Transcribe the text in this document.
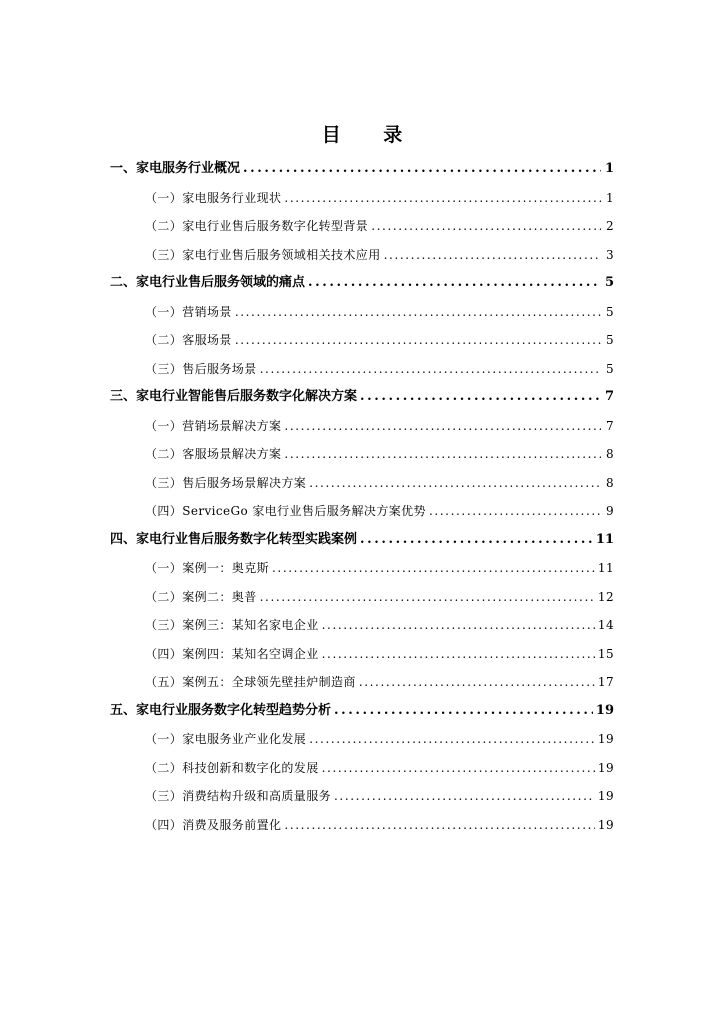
目 录
一、家电服务行业概况 .....	1
（一）家电服务行业现状 .....	1
（二）家电行业售后服务数字化转型背景 .....	2
（三）家电行业售后服务领域相关技术应用 .....	3
二、家电行业售后服务领域的痛点 .....	5
（一）营销场景 .....	5
（二）客服场景 .....	5
（三）售后服务场景 .....	5
三、家电行业智能售后服务数字化解决方案 .....	7
（一）营销场景解决方案 .....	7
（二）客服场景解决方案 .....	8
（三）售后服务场景解决方案 .....	8
（四）ServiceGo 家电行业售后服务解决方案优势 .....	9
四、家电行业售后服务数字化转型实践案例 .....	11
（一）案例一：奥克斯 .....	11
（二）案例二：奥普 .....	12
（三）案例三：某知名家电企业 .....	14
（四）案例四：某知名空调企业 .....	15
（五）案例五：全球领先壁挂炉制造商 .....	17
五、家电行业服务数字化转型趋势分析 .....	19
（一）家电服务业产业化发展 .....	19
（二）科技创新和数字化的发展 .....	19
（三）消费结构升级和高质量服务 .....	19
（四）消费及服务前置化 .....	19
